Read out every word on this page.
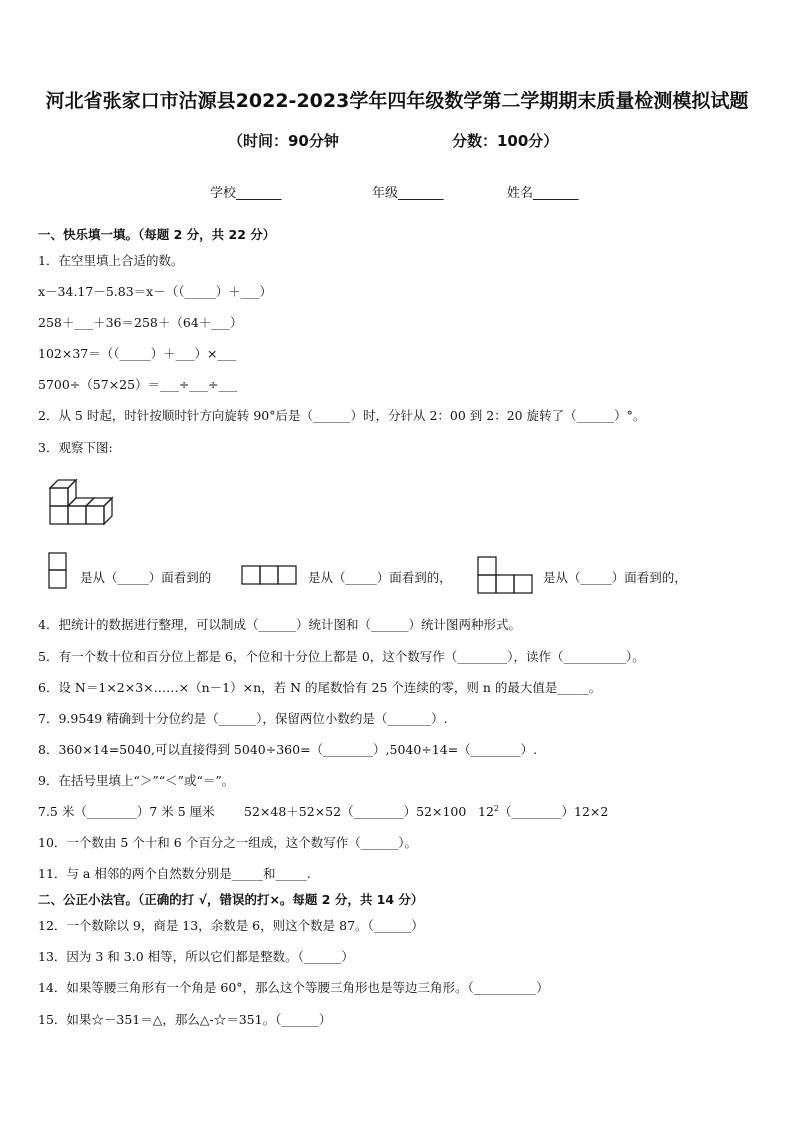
河北省张家口市沽源县2022-2023学年四年级数学第二学期期末质量检测模拟试题
（时间：90分钟	分数：100分）
学校_______	年级_______	姓名_______
一、快乐填一填。（每题 2 分，共 22 分）
1．在空里填上合适的数。
x－34.17－5.83＝x－（（_____）＋___）
258＋___＋36＝258＋（64＋___）
102×37＝（（_____）＋___）×___
5700÷（57×25）＝___÷___÷___
2．从 5 时起，时针按顺时针方向旋转 90°后是（______）时，分针从 2：00 到 2：20 旋转了（______）°。
3．观察下图:
是从（_____）面看到的	是从（_____）面看到的，	是从（_____）面看到的，
4．把统计的数据进行整理，可以制成（______）统计图和（______）统计图两种形式。
5．有一个数十位和百分位上都是 6，个位和十分位上都是 0，这个数写作（________），读作（__________）。
6．设 N＝1×2×3×……×（n－1）×n，若 N 的尾数恰有 25 个连续的零，则 n 的最大值是_____。
7．9.9549 精确到十分位约是（______），保留两位小数约是（_______）.
8．360×14=5040,可以直接得到 5040÷360=（________）,5040÷14=（________）.
9．在括号里填上“＞”“＜”或“＝”。
7.5 米（________）7 米 5 厘米 52×48＋52×52（________）52×100 $12^2(\_\_\_\_\_\_\_\_)12\times 2$
10．一个数由 5 个十和 6 个百分之一组成，这个数写作（______）。
11．与 a 相邻的两个自然数分别是_____和_____.
二、公正小法官。（正确的打 √，错误的打×。每题 2 分，共 14 分）
12．一个数除以 9，商是 13，余数是 6，则这个数是 87。（______）
13．因为 3 和 3.0 相等，所以它们都是整数。（______）
14．如果等腰三角形有一个角是 60°，那么这个等腰三角形也是等边三角形。（__________）
15．如果☆－351＝△，那么△-☆＝351。（______）
